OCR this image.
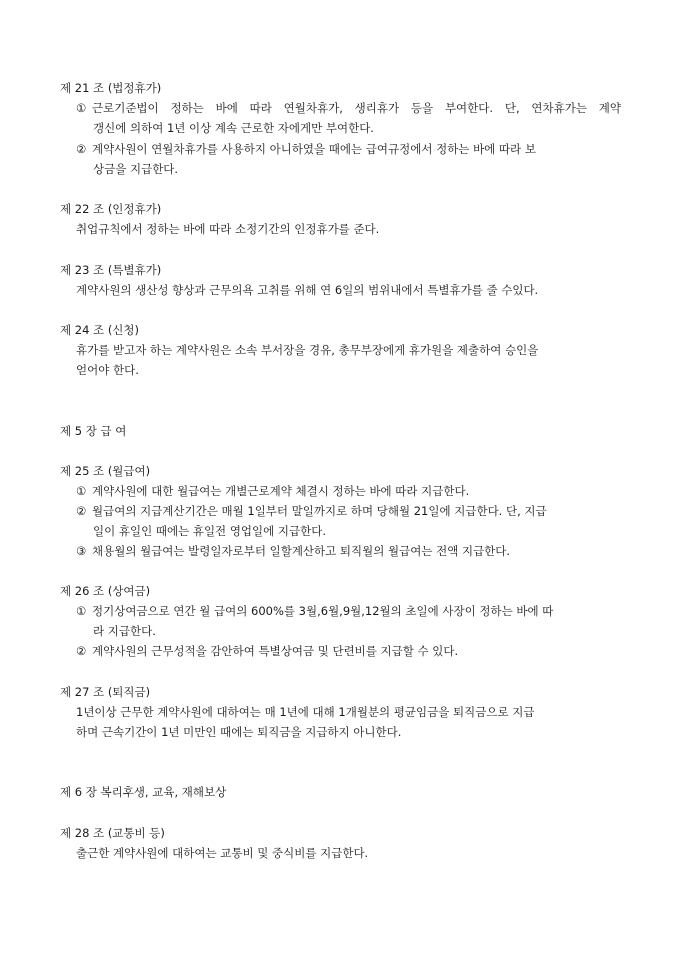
제 21 조 (법정휴가)
① 근로기준법이 정하는 바에 따라 연월차휴가, 생리휴가 등을 부여한다. 단, 연차휴가는 계약
갱신에 의하여 1년 이상 계속 근로한 자에게만 부여한다.
② 계약사원이 연월차휴가를 사용하지 아니하였을 때에는 급여규정에서 정하는 바에 따라 보
상금을 지급한다.
제 22 조 (인정휴가)
취업규칙에서 정하는 바에 따라 소정기간의 인정휴가를 준다.
제 23 조 (특별휴가)
계약사원의 생산성 향상과 근무의욕 고취를 위해 연 6일의 범위내에서 특별휴가를 줄 수있다.
제 24 조 (신청)
휴가를 받고자 하는 계약사원은 소속 부서장을 경유, 총무부장에게 휴가원을 제출하여 승인을
얻어야 한다.
제 5 장 급 여
제 25 조 (월급여)
① 계약사원에 대한 월급여는 개별근로계약 체결시 정하는 바에 따라 지급한다.
② 월급여의 지급계산기간은 매월 1일부터 말일까지로 하며 당해월 21일에 지급한다. 단, 지급
일이 휴일인 때에는 휴일전 영업일에 지급한다.
③ 채용월의 월급여는 발령일자로부터 일할계산하고 퇴직월의 월급여는 전액 지급한다.
제 26 조 (상여금)
① 정기상여금으로 연간 월 급여의 600%를 3월,6월,9월,12월의 초일에 사장이 정하는 바에 따
라 지급한다.
② 계약사원의 근무성적을 감안하여 특별상여금 및 단련비를 지급할 수 있다.
제 27 조 (퇴직금)
1년이상 근무한 계약사원에 대하여는 매 1년에 대해 1개월분의 평균임금을 퇴직금으로 지급
하며 근속기간이 1년 미만인 때에는 퇴직금을 지급하지 아니한다.
제 6 장 복리후생, 교육, 재해보상
제 28 조 (교통비 등)
출근한 계약사원에 대하여는 교통비 및 중식비를 지급한다.
